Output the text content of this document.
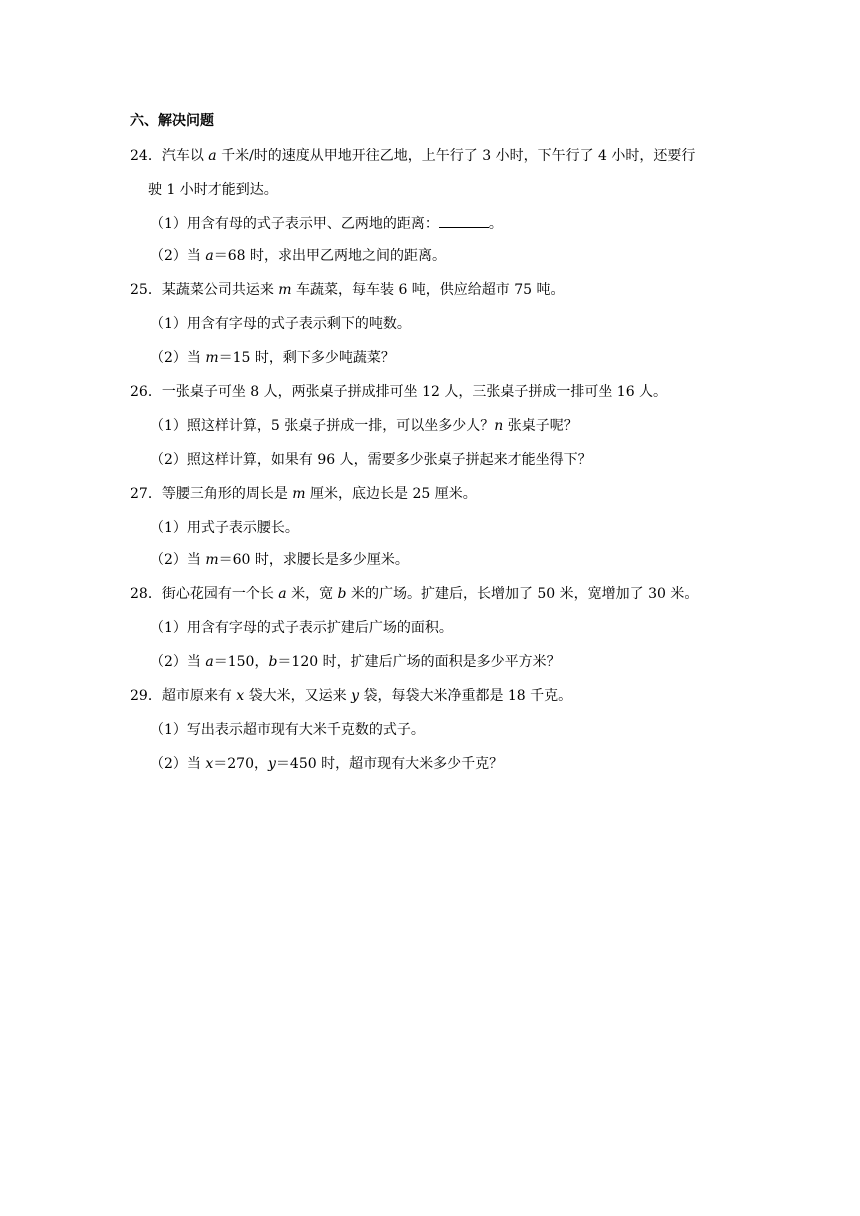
六、解决问题
24．汽车以 a 千米/时的速度从甲地开往乙地，上午行了 3 小时，下午行了 4 小时，还要行
驶 1 小时才能到达。
（1）用含有母的式子表示甲、乙两地的距离：	。
（2）当 a＝68 时，求出甲乙两地之间的距离。
25．某蔬菜公司共运来 m 车蔬菜，每车装 6 吨，供应给超市 75 吨。
（1）用含有字母的式子表示剩下的吨数。
（2）当 m＝15 时，剩下多少吨蔬菜？
26．一张桌子可坐 8 人，两张桌子拼成排可坐 12 人，三张桌子拼成一排可坐 16 人。
（1）照这样计算，5 张桌子拼成一排，可以坐多少人？n 张桌子呢？
（2）照这样计算，如果有 96 人，需要多少张桌子拼起来才能坐得下？
27．等腰三角形的周长是 m 厘米，底边长是 25 厘米。
（1）用式子表示腰长。
（2）当 m＝60 时，求腰长是多少厘米。
28．街心花园有一个长 a 米，宽 b 米的广场。扩建后，长增加了 50 米，宽增加了 30 米。
（1）用含有字母的式子表示扩建后广场的面积。
（2）当 a＝150，b＝120 时，扩建后广场的面积是多少平方米？
29．超市原来有 x 袋大米，又运来 y 袋，每袋大米净重都是 18 千克。
（1）写出表示超市现有大米千克数的式子。
（2）当 x＝270，y＝450 时，超市现有大米多少千克？
